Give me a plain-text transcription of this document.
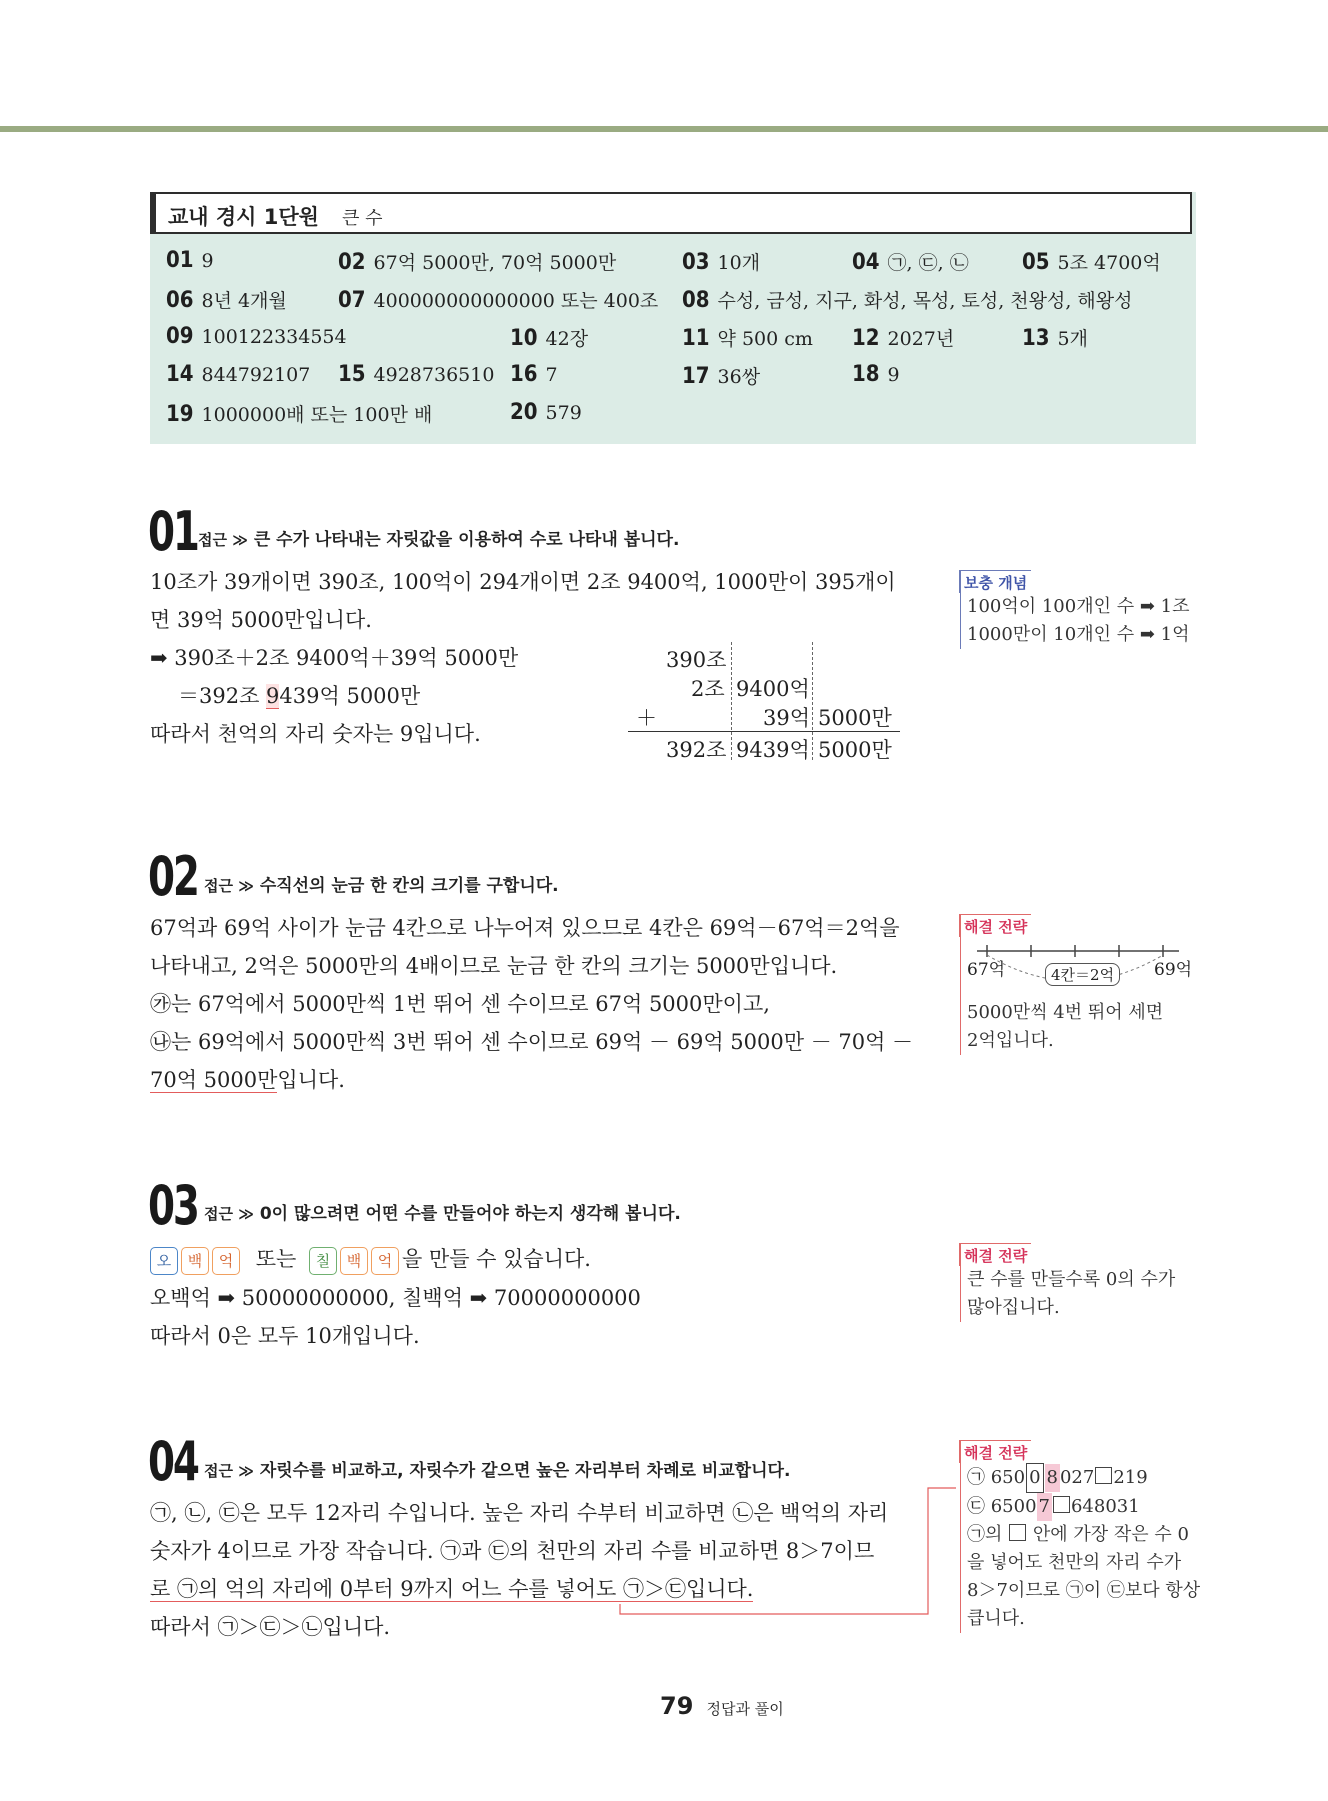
교내 경시 1단원 큰 수
01 9	02 67억 5000만, 70억 5000만	03 10개	04 ㉠, ㉢, ㉡ 05 5조 4700억
06 8년 4개월 07 400000000000000 또는 400조 08 수성, 금성, 지구, 화성, 목성, 토성, 천왕성, 해왕성
09 100122334554	10 42장	11 약 500 cm 12 2027년	13 5개
14 844792107 15 4928736510 16 7	17 36쌍	18 9
19 1000000배 또는 100만 배	20 579
01 접근 ≫ 큰 수가 나타내는 자릿값을 이용하여 수로 나타내 봅니다.
10조가 39개이면 390조, 100억이 294개이면 2조 9400억, 1000만이 395개이
면 39억 5000만입니다.
➡ 390조＋2조 9400억＋39억 5000만
＝392조 9439억 5000만
따라서 천억의 자리 숫자는 9입니다.
390조
2조 9400억
＋	39억 5000만
392조 9439억 5000만
보충 개념
100억이 100개인 수 ➡ 1조
1000만이 10개인 수 ➡ 1억
02 접근 ≫ 수직선의 눈금 한 칸의 크기를 구합니다.
67억과 69억 사이가 눈금 4칸으로 나누어져 있으므로 4칸은 69억－67억＝2억을
나타내고, 2억은 5000만의 4배이므로 눈금 한 칸의 크기는 5000만입니다.
㉮는 67억에서 5000만씩 1번 뛰어 센 수이므로 67억 5000만이고,
㉯는 69억에서 5000만씩 3번 뛰어 센 수이므로 69억 － 69억 5000만 － 70억 －
70억 5000만입니다.
해결 전략
67억	4칸＝2억	69억
5000만씩 4번 뛰어 세면
2억입니다.
03 접근 ≫ 0이 많으려면 어떤 수를 만들어야 하는지 생각해 봅니다.
오 백 억 또는 칠 백 억 을 만들 수 있습니다.
오백억 ➡ 50000000000, 칠백억 ➡ 70000000000
따라서 0은 모두 10개입니다.
해결 전략
큰 수를 만들수록 0의 수가
많아집니다.
04 접근 ≫ 자릿수를 비교하고, 자릿수가 같으면 높은 자리부터 차례로 비교합니다.
㉠, ㉡, ㉢은 모두 12자리 수입니다. 높은 자리 수부터 비교하면 ㉡은 백억의 자리
숫자가 4이므로 가장 작습니다. ㉠과 ㉢의 천만의 자리 수를 비교하면 8＞7이므
로 ㉠의 억의 자리에 0부터 9까지 어느 수를 넣어도 ㉠＞㉢입니다.
따라서 ㉠＞㉢＞㉡입니다.
해결 전략
㉠ 650 0 8 027 219
㉢ 6500 7 648031
㉠의 안에 가장 작은 수 0
을 넣어도 천만의 자리 수가
8＞7이므로 ㉠이 ㉢보다 항상
큽니다.
79 정답과 풀이
